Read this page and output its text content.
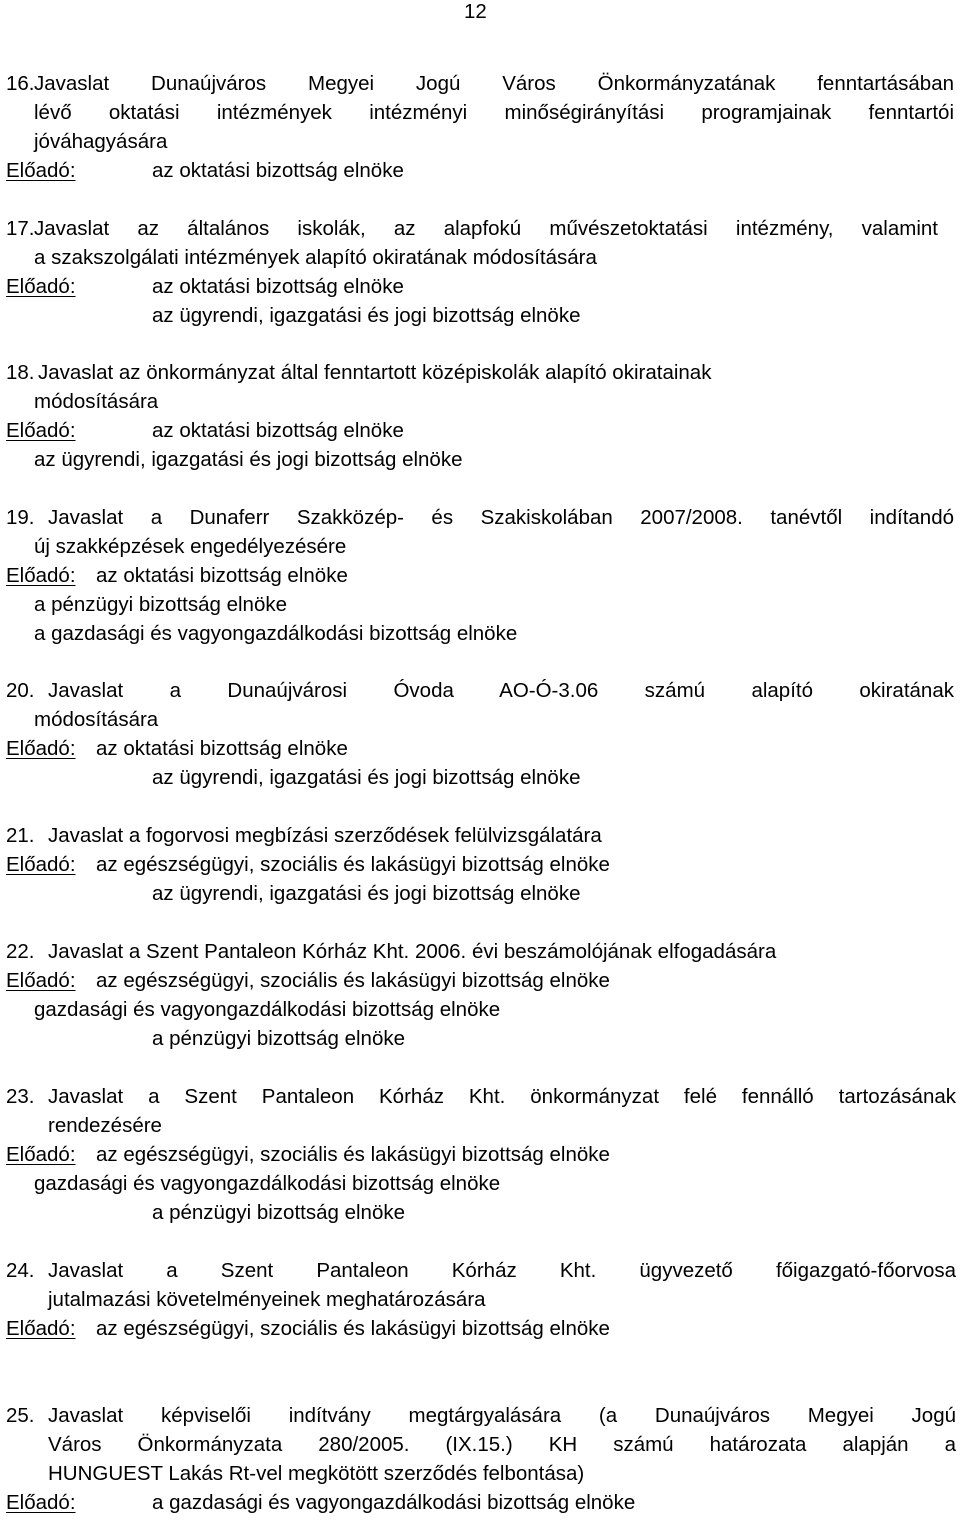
12
16. Javaslat Dunaújváros Megyei Jogú Város Önkormányzatának fenntartásában
lévő oktatási intézmények intézményi minőségirányítási programjainak fenntartói
jóváhagyására
Előadó:	az oktatási bizottság elnöke
17. Javaslat az általános iskolák, az alapfokú művészetoktatási intézmény, valamint
a szakszolgálati intézmények alapító okiratának módosítására
Előadó:	az oktatási bizottság elnöke
az ügyrendi, igazgatási és jogi bizottság elnöke
18. Javaslat az önkormányzat által fenntartott középiskolák alapító okiratainak
módosítására
Előadó:	az oktatási bizottság elnöke
az ügyrendi, igazgatási és jogi bizottság elnöke
19. Javaslat a Dunaferr Szakközép- és Szakiskolában 2007/2008. tanévtől indítandó
új szakképzések engedélyezésére
Előadó: az oktatási bizottság elnöke
a pénzügyi bizottság elnöke
a gazdasági és vagyongazdálkodási bizottság elnöke
20. Javaslat a Dunaújvárosi Óvoda AO-Ó-3.06 számú alapító okiratának
módosítására
Előadó: az oktatási bizottság elnöke
az ügyrendi, igazgatási és jogi bizottság elnöke
21. Javaslat a fogorvosi megbízási szerződések felülvizsgálatára
Előadó: az egészségügyi, szociális és lakásügyi bizottság elnöke
az ügyrendi, igazgatási és jogi bizottság elnöke
22. Javaslat a Szent Pantaleon Kórház Kht. 2006. évi beszámolójának elfogadására
Előadó: az egészségügyi, szociális és lakásügyi bizottság elnöke
gazdasági és vagyongazdálkodási bizottság elnöke
a pénzügyi bizottság elnöke
23. Javaslat a Szent Pantaleon Kórház Kht. önkormányzat felé fennálló tartozásának
rendezésére
Előadó: az egészségügyi, szociális és lakásügyi bizottság elnöke
gazdasági és vagyongazdálkodási bizottság elnöke
a pénzügyi bizottság elnöke
24. Javaslat a Szent Pantaleon Kórház Kht. ügyvezető főigazgató-főorvosa
jutalmazási követelményeinek meghatározására
Előadó: az egészségügyi, szociális és lakásügyi bizottság elnöke
25. Javaslat képviselői indítvány megtárgyalására (a Dunaújváros Megyei Jogú
Város Önkormányzata 280/2005. (IX.15.) KH számú határozata alapján a
HUNGUEST Lakás Rt-vel megkötött szerződés felbontása)
Előadó:	a gazdasági és vagyongazdálkodási bizottság elnöke
